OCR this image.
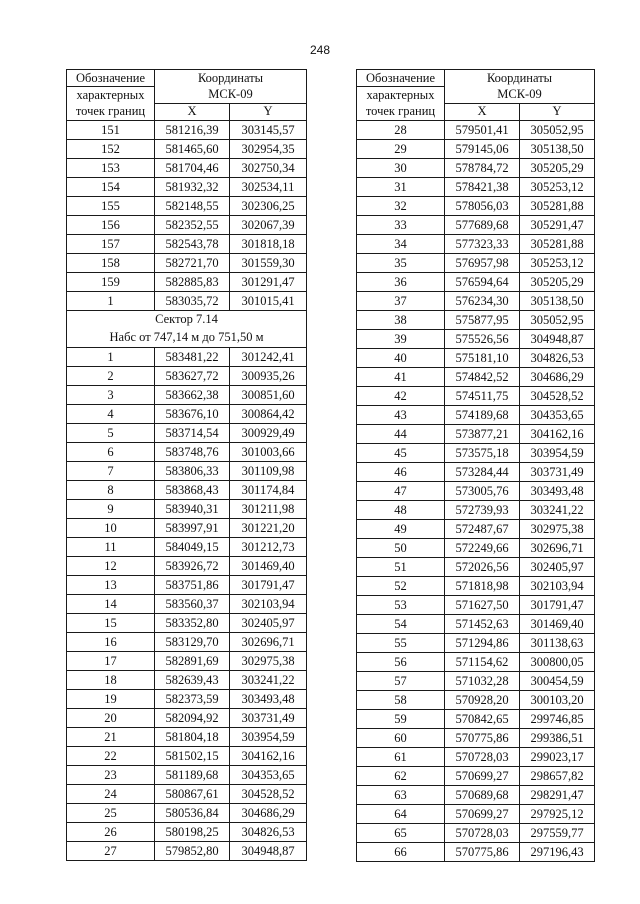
248
Обозначение	Координаты	
характерных	МСК-09	
точек границ	X	Y
151	581216,39	303145,57
152	581465,60	302954,35
153	581704,46	302750,34
154	581932,32	302534,11
155	582148,55	302306,25
156	582352,55	302067,39
157	582543,78	301818,18
158	582721,70	301559,30
159	582885,83	301291,47
1	583035,72	301015,41
Сектор 7.14		
Набс от 747,14 м до 751,50 м		
1	583481,22	301242,41
2	583627,72	300935,26
3	583662,38	300851,60
4	583676,10	300864,42
5	583714,54	300929,49
6	583748,76	301003,66
7	583806,33	301109,98
8	583868,43	301174,84
9	583940,31	301211,98
10	583997,91	301221,20
11	584049,15	301212,73
12	583926,72	301469,40
13	583751,86	301791,47
14	583560,37	302103,94
15	583352,80	302405,97
16	583129,70	302696,71
17	582891,69	302975,38
18	582639,43	303241,22
19	582373,59	303493,48
20	582094,92	303731,49
21	581804,18	303954,59
22	581502,15	304162,16
23	581189,68	304353,65
24	580867,61	304528,52
25	580536,84	304686,29
26	580198,25	304826,53
27	579852,80	304948,87
Обозначение	Координаты	
характерных	МСК-09	
точек границ	X	Y
28	579501,41	305052,95
29	579145,06	305138,50
30	578784,72	305205,29
31	578421,38	305253,12
32	578056,03	305281,88
33	577689,68	305291,47
34	577323,33	305281,88
35	576957,98	305253,12
36	576594,64	305205,29
37	576234,30	305138,50
38	575877,95	305052,95
39	575526,56	304948,87
40	575181,10	304826,53
41	574842,52	304686,29
42	574511,75	304528,52
43	574189,68	304353,65
44	573877,21	304162,16
45	573575,18	303954,59
46	573284,44	303731,49
47	573005,76	303493,48
48	572739,93	303241,22
49	572487,67	302975,38
50	572249,66	302696,71
51	572026,56	302405,97
52	571818,98	302103,94
53	571627,50	301791,47
54	571452,63	301469,40
55	571294,86	301138,63
56	571154,62	300800,05
57	571032,28	300454,59
58	570928,20	300103,20
59	570842,65	299746,85
60	570775,86	299386,51
61	570728,03	299023,17
62	570699,27	298657,82
63	570689,68	298291,47
64	570699,27	297925,12
65	570728,03	297559,77
66	570775,86	297196,43
